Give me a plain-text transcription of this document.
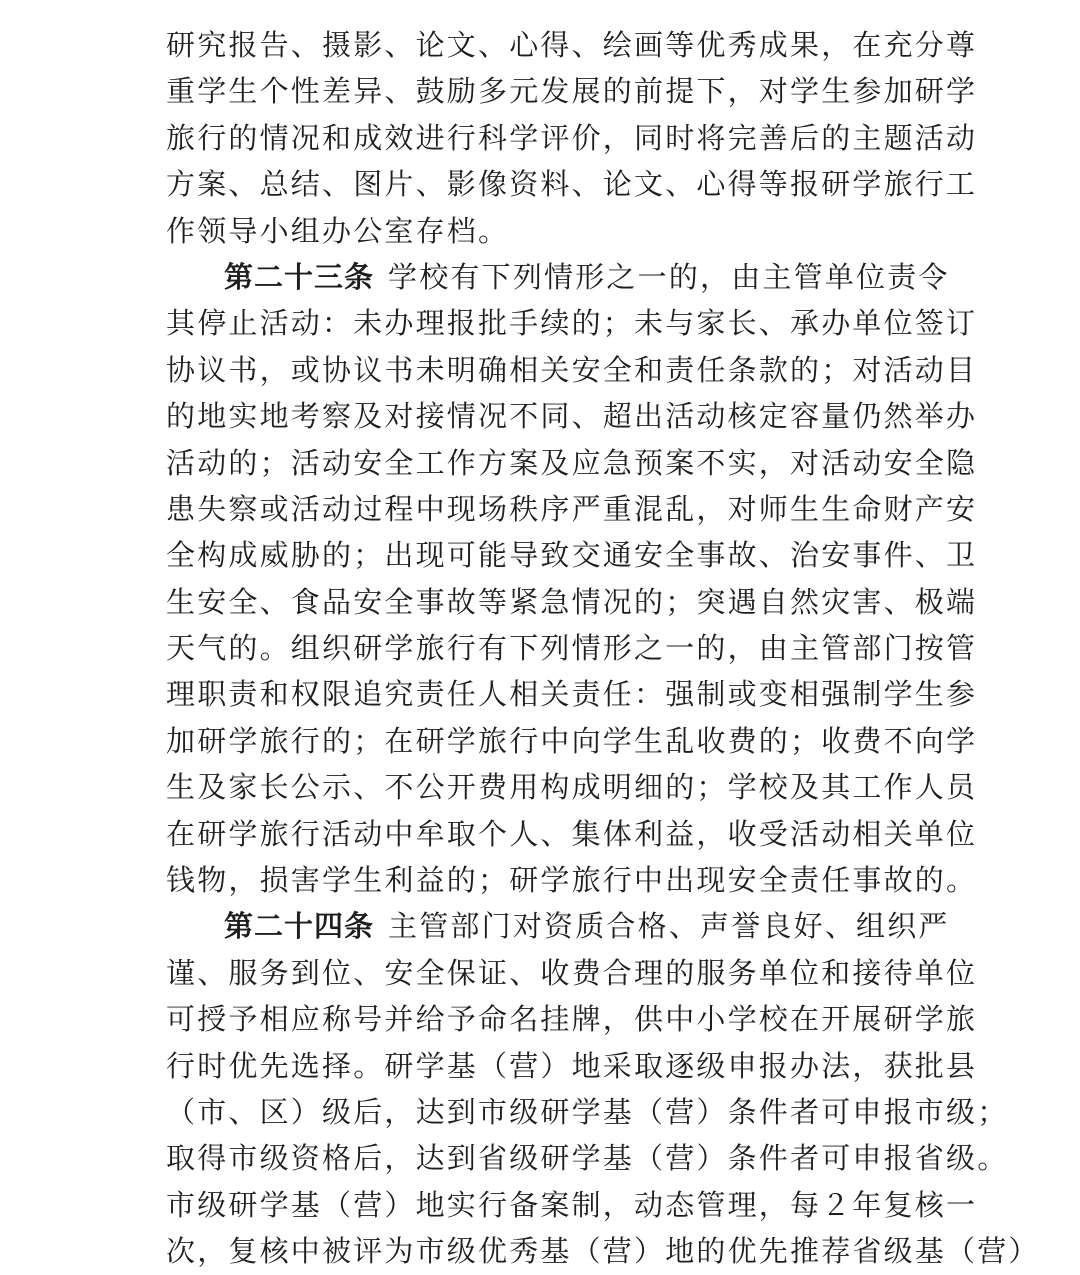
研究报告、摄影、论文、心得、绘画等优秀成果，在充分尊
重学生个性差异、鼓励多元发展的前提下，对学生参加研学
旅行的情况和成效进行科学评价，同时将完善后的主题活动
方案、总结、图片、影像资料、论文、心得等报研学旅行工
作领导小组办公室存档。
第二十三条 学校有下列情形之一的，由主管单位责令
其停止活动：未办理报批手续的；未与家长、承办单位签订
协议书，或协议书未明确相关安全和责任条款的；对活动目
的地实地考察及对接情况不同、超出活动核定容量仍然举办
活动的；活动安全工作方案及应急预案不实，对活动安全隐
患失察或活动过程中现场秩序严重混乱，对师生生命财产安
全构成威胁的；出现可能导致交通安全事故、治安事件、卫
生安全、食品安全事故等紧急情况的；突遇自然灾害、极端
天气的。组织研学旅行有下列情形之一的，由主管部门按管
理职责和权限追究责任人相关责任：强制或变相强制学生参
加研学旅行的；在研学旅行中向学生乱收费的；收费不向学
生及家长公示、不公开费用构成明细的；学校及其工作人员
在研学旅行活动中牟取个人、集体利益，收受活动相关单位
钱物，损害学生利益的；研学旅行中出现安全责任事故的。
第二十四条 主管部门对资质合格、声誉良好、组织严
谨、服务到位、安全保证、收费合理的服务单位和接待单位
可授予相应称号并给予命名挂牌，供中小学校在开展研学旅
行时优先选择。研学基（营）地采取逐级申报办法，获批县
（市、区）级后，达到市级研学基（营）条件者可申报市级；
取得市级资格后，达到省级研学基（营）条件者可申报省级。
市级研学基（营）地实行备案制，动态管理，每２年复核一
次，复核中被评为市级优秀基（营）地的优先推荐省级基（营）
